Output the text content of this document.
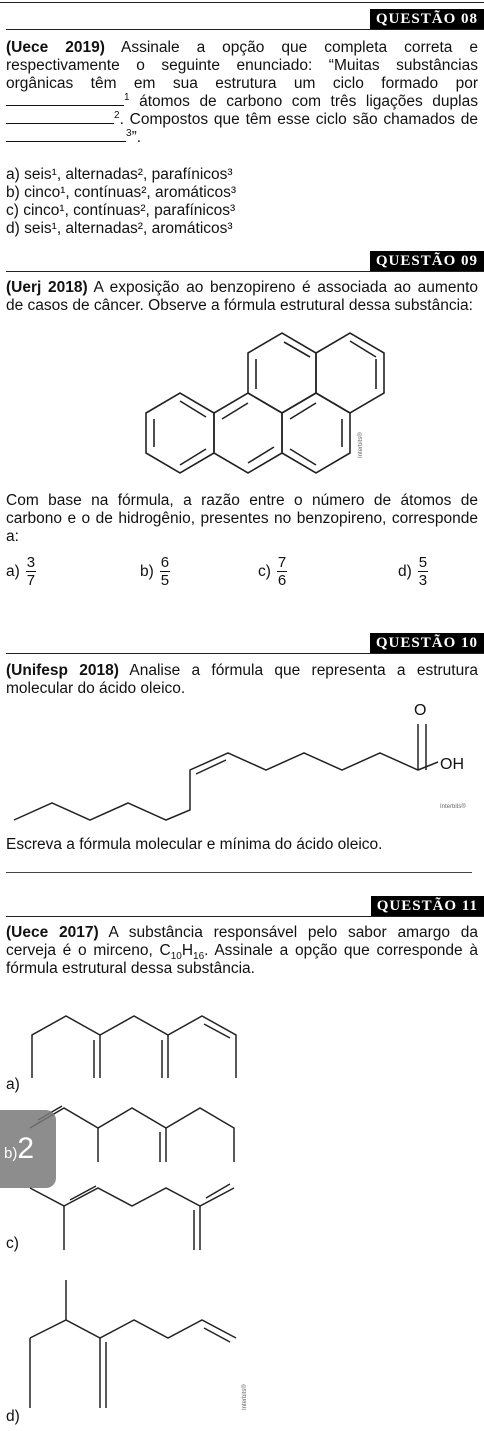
QUESTÃO 08
(Uece 2019) Assinale a opção que completa correta e respectivamente o seguinte enunciado: “Muitas substâncias orgânicas têm em sua estrutura um ciclo formado por $^1$ átomos de carbono com três ligações duplas $^2$. Compostos que têm esse ciclo são chamados de $^3$”.
a) seis¹, alternadas², parafínicos³
b) cinco¹, contínuas², aromáticos³
c) cinco¹, contínuas², parafínicos³
d) seis¹, alternadas², aromáticos³
QUESTÃO 09
(Uerj 2018) A exposição ao benzopireno é associada ao aumento de casos de câncer. Observe a fórmula estrutural dessa substância:
Interbits®
Com base na fórmula, a razão entre o número de átomos de carbono e o de hidrogênio, presentes no benzopireno, corresponde a:
$a) \frac{3}{7}$	$b) \frac{6}{5}$	$c) \frac{7}{6}$	$d) \frac{5}{3}$
QUESTÃO 10
(Unifesp 2018) Analise a fórmula que representa a estrutura molecular do ácido oleico.
O
OH
Interbits®
Escreva a fórmula molecular e mínima do ácido oleico.
QUESTÃO 11
(Uece 2017) A substância responsável pelo sabor amargo da cerveja é o mirceno, $C_{10}H_{16}$. Assinale a opção que corresponde à fórmula estrutural dessa substância.
a)
b)2
c)
d)
Interbits®
